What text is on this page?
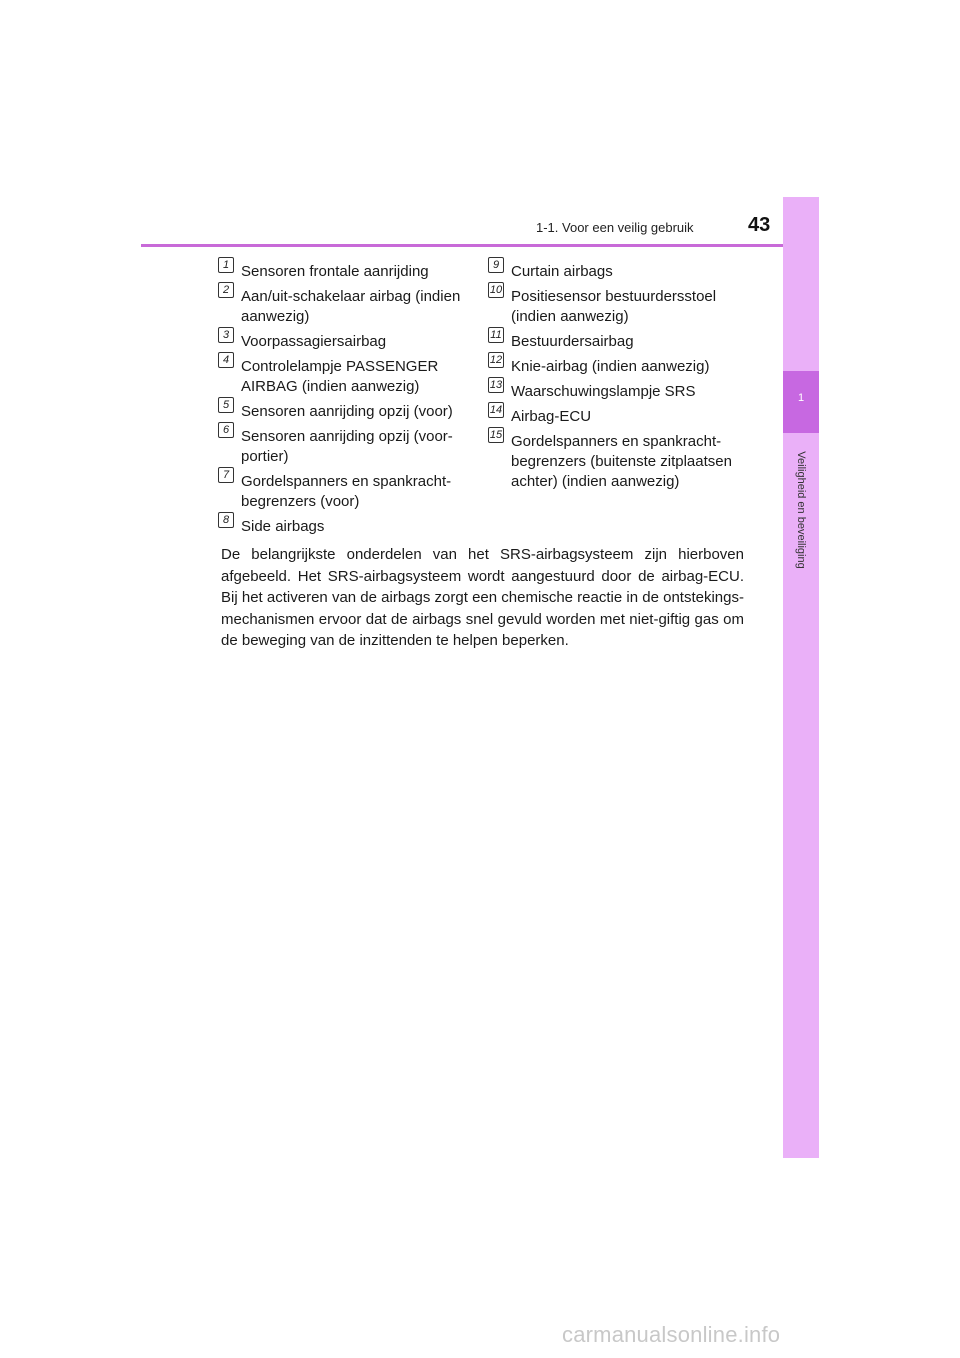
1-1. Voor een veilig gebruik	43
1
Veiligheid en beveiliging
1 Sensoren frontale aanrijding
2 Aan/uit-schakelaar airbag (indien aanwezig)
3 Voorpassagiersairbag
4 Controlelampje PASSENGER AIRBAG (indien aanwezig)
5 Sensoren aanrijding opzij (voor)
6 Sensoren aanrijding opzij (voor-portier)
7 Gordelspanners en spankracht-begrenzers (voor)
8 Side airbags
9 Curtain airbags
10 Positiesensor bestuurdersstoel (indien aanwezig)
11 Bestuurdersairbag
12 Knie-airbag (indien aanwezig)
13 Waarschuwingslampje SRS
14 Airbag-ECU
15 Gordelspanners en spankracht-begrenzers (buitenste zitplaatsen achter) (indien aanwezig)

De belangrijkste onderdelen van het SRS-airbagsysteem zijn hierboven afgebeeld. Het SRS-airbagsysteem wordt aangestuurd door de airbag-ECU. Bij het activeren van de airbags zorgt een chemische reactie in de ontstekings-mechanismen ervoor dat de airbags snel gevuld worden met niet-giftig gas om de beweging van de inzittenden te helpen beperken.

carmanualsonline.info
